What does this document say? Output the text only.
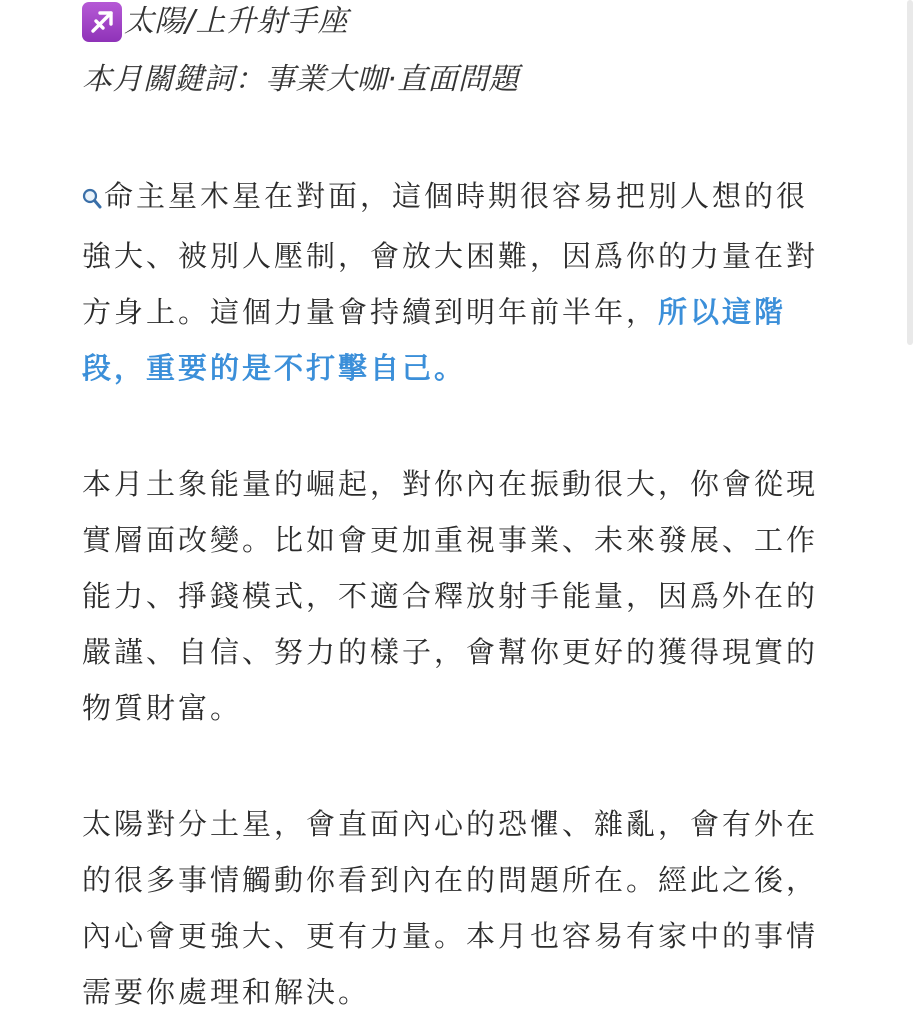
太陽/上升射手座
本月關鍵詞：事業大咖·直面問題

命主星木星在對面，這個時期很容易把別人想的很強大、被別人壓制，會放大困難，因爲你的力量在對方身上。這個力量會持續到明年前半年，所以這階段，重要的是不打擊自己。

本月土象能量的崛起，對你內在振動很大，你會從現實層面改變。比如會更加重視事業、未來發展、工作能力、掙錢模式，不適合釋放射手能量，因爲外在的嚴謹、自信、努力的樣子，會幫你更好的獲得現實的物質財富。

太陽對分土星，會直面內心的恐懼、雜亂，會有外在的很多事情觸動你看到內在的問題所在。經此之後，內心會更強大、更有力量。本月也容易有家中的事情需要你處理和解決。
